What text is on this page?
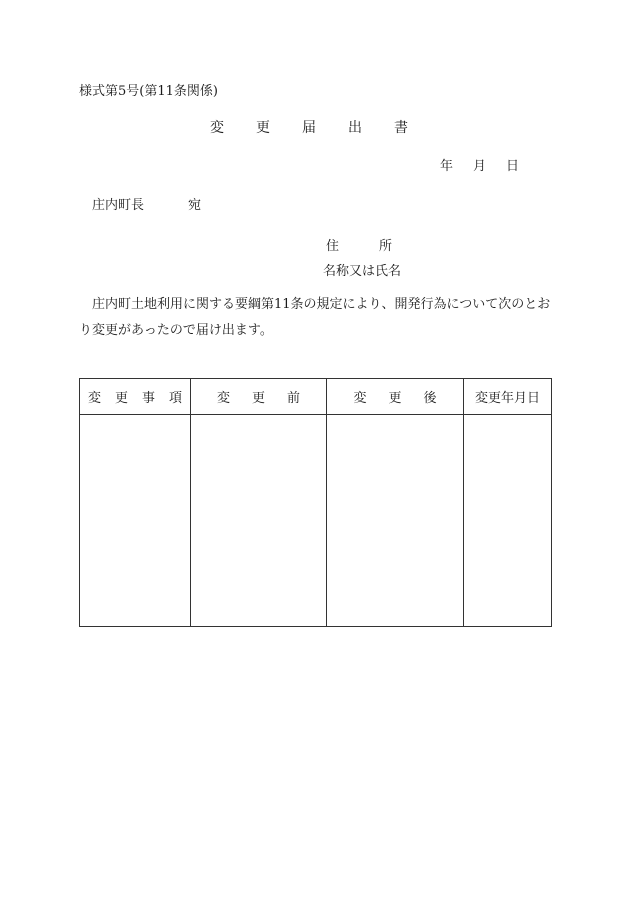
様式第5号(第11条関係)
変更届出書
年 月 日
庄内町長	宛
住所
名称又は氏名
庄内町土地利用に関する要綱第11条の規定により、開発行為について次のとおり変更があったので届け出ます。
変更事項	変更前	変更後	変更年月日
